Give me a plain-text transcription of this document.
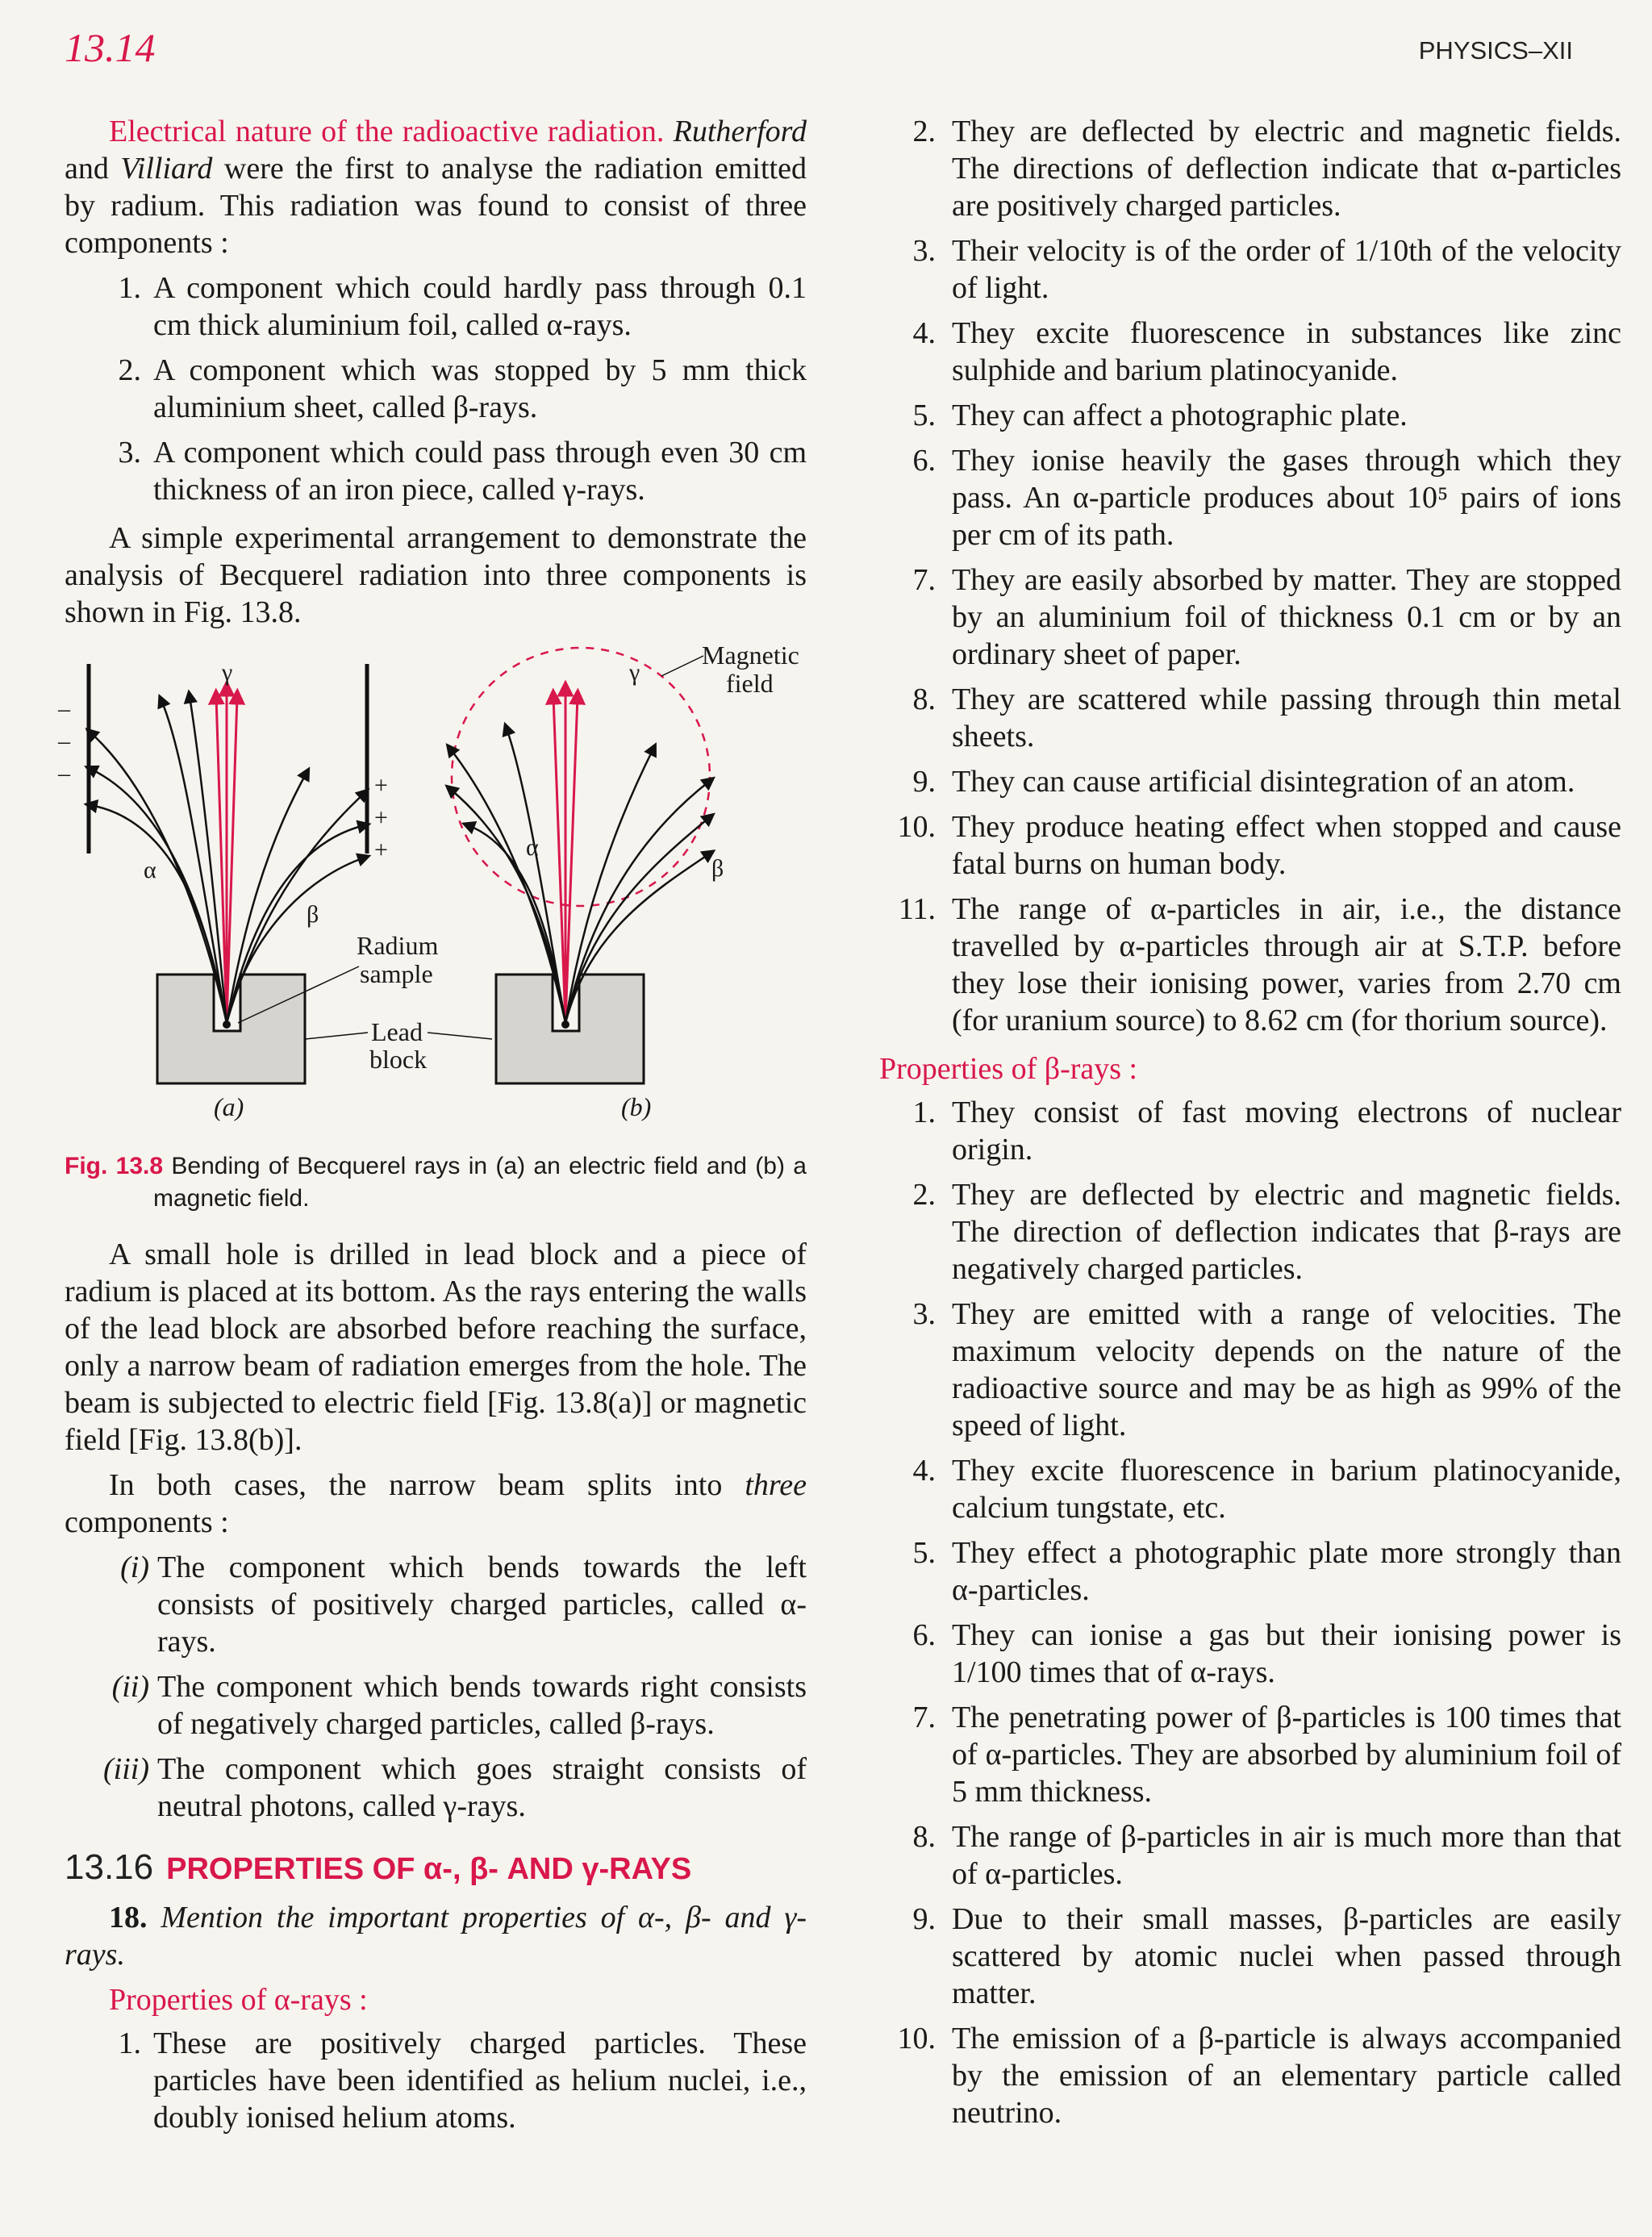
13.14	PHYSICS–XII

Electrical nature of the radioactive radiation. Rutherford and Villiard were the first to analyse the radiation emitted by radium. This radiation was found to consist of three components :

1. A component which could hardly pass through 0.1 cm thick aluminium foil, called α-rays.
2. A component which was stopped by 5 mm thick aluminium sheet, called β-rays.
3. A component which could pass through even 30 cm thickness of an iron piece, called γ-rays.

A simple experimental arrangement to demonstrate the analysis of Becquerel radiation into three components is shown in Fig. 13.8.

–
–
–	+
+
+
γ
α
β
Radium
sample
Lead
block
(a)
Magnetic
field
γ
α
β
(b)

Fig. 13.8 Bending of Becquerel rays in (a) an electric field and (b) a magnetic field.

A small hole is drilled in lead block and a piece of radium is placed at its bottom. As the rays entering the walls of the lead block are absorbed before reaching the surface, only a narrow beam of radiation emerges from the hole. The beam is subjected to electric field [Fig. 13.8(a)] or magnetic field [Fig. 13.8(b)].

In both cases, the narrow beam splits into three components :

(i) The component which bends towards the left consists of positively charged particles, called α-rays.
(ii) The component which bends towards right consists of negatively charged particles, called β-rays.
(iii) The component which goes straight consists of neutral photons, called γ-rays.
13.16 PROPERTIES OF α-, β- AND γ-RAYS

18. Mention the important properties of α-, β- and γ-rays.

Properties of α-rays :

1. These are positively charged particles. These particles have been identified as helium nuclei, i.e., doubly ionised helium atoms.
2. They are deflected by electric and magnetic fields. The directions of deflection indicate that α-particles are positively charged particles.
3. Their velocity is of the order of 1/10th of the velocity of light.
4. They excite fluorescence in substances like zinc sulphide and barium platinocyanide.
5. They can affect a photographic plate.
6. They ionise heavily the gases through which they pass. An α-particle produces about 10⁵ pairs of ions per cm of its path.
7. They are easily absorbed by matter. They are stopped by an aluminium foil of thickness 0.1 cm or by an ordinary sheet of paper.
8. They are scattered while passing through thin metal sheets.
9. They can cause artificial disintegration of an atom.
10. They produce heating effect when stopped and cause fatal burns on human body.
11. The range of α-particles in air, i.e., the distance travelled by α-particles through air at S.T.P. before they lose their ionising power, varies from 2.70 cm (for uranium source) to 8.62 cm (for thorium source).

Properties of β-rays :

1. They consist of fast moving electrons of nuclear origin.
2. They are deflected by electric and magnetic fields. The direction of deflection indicates that β-rays are negatively charged particles.
3. They are emitted with a range of velocities. The maximum velocity depends on the nature of the radioactive source and may be as high as 99% of the speed of light.
4. They excite fluorescence in barium platinocyanide, calcium tungstate, etc.
5. They effect a photographic plate more strongly than α-particles.
6. They can ionise a gas but their ionising power is 1/100 times that of α-rays.
7. The penetrating power of β-particles is 100 times that of α-particles. They are absorbed by aluminium foil of 5 mm thickness.
8. The range of β-particles in air is much more than that of α-particles.
9. Due to their small masses, β-particles are easily scattered by atomic nuclei when passed through matter.
10. The emission of a β-particle is always accompanied by the emission of an elementary particle called neutrino.
